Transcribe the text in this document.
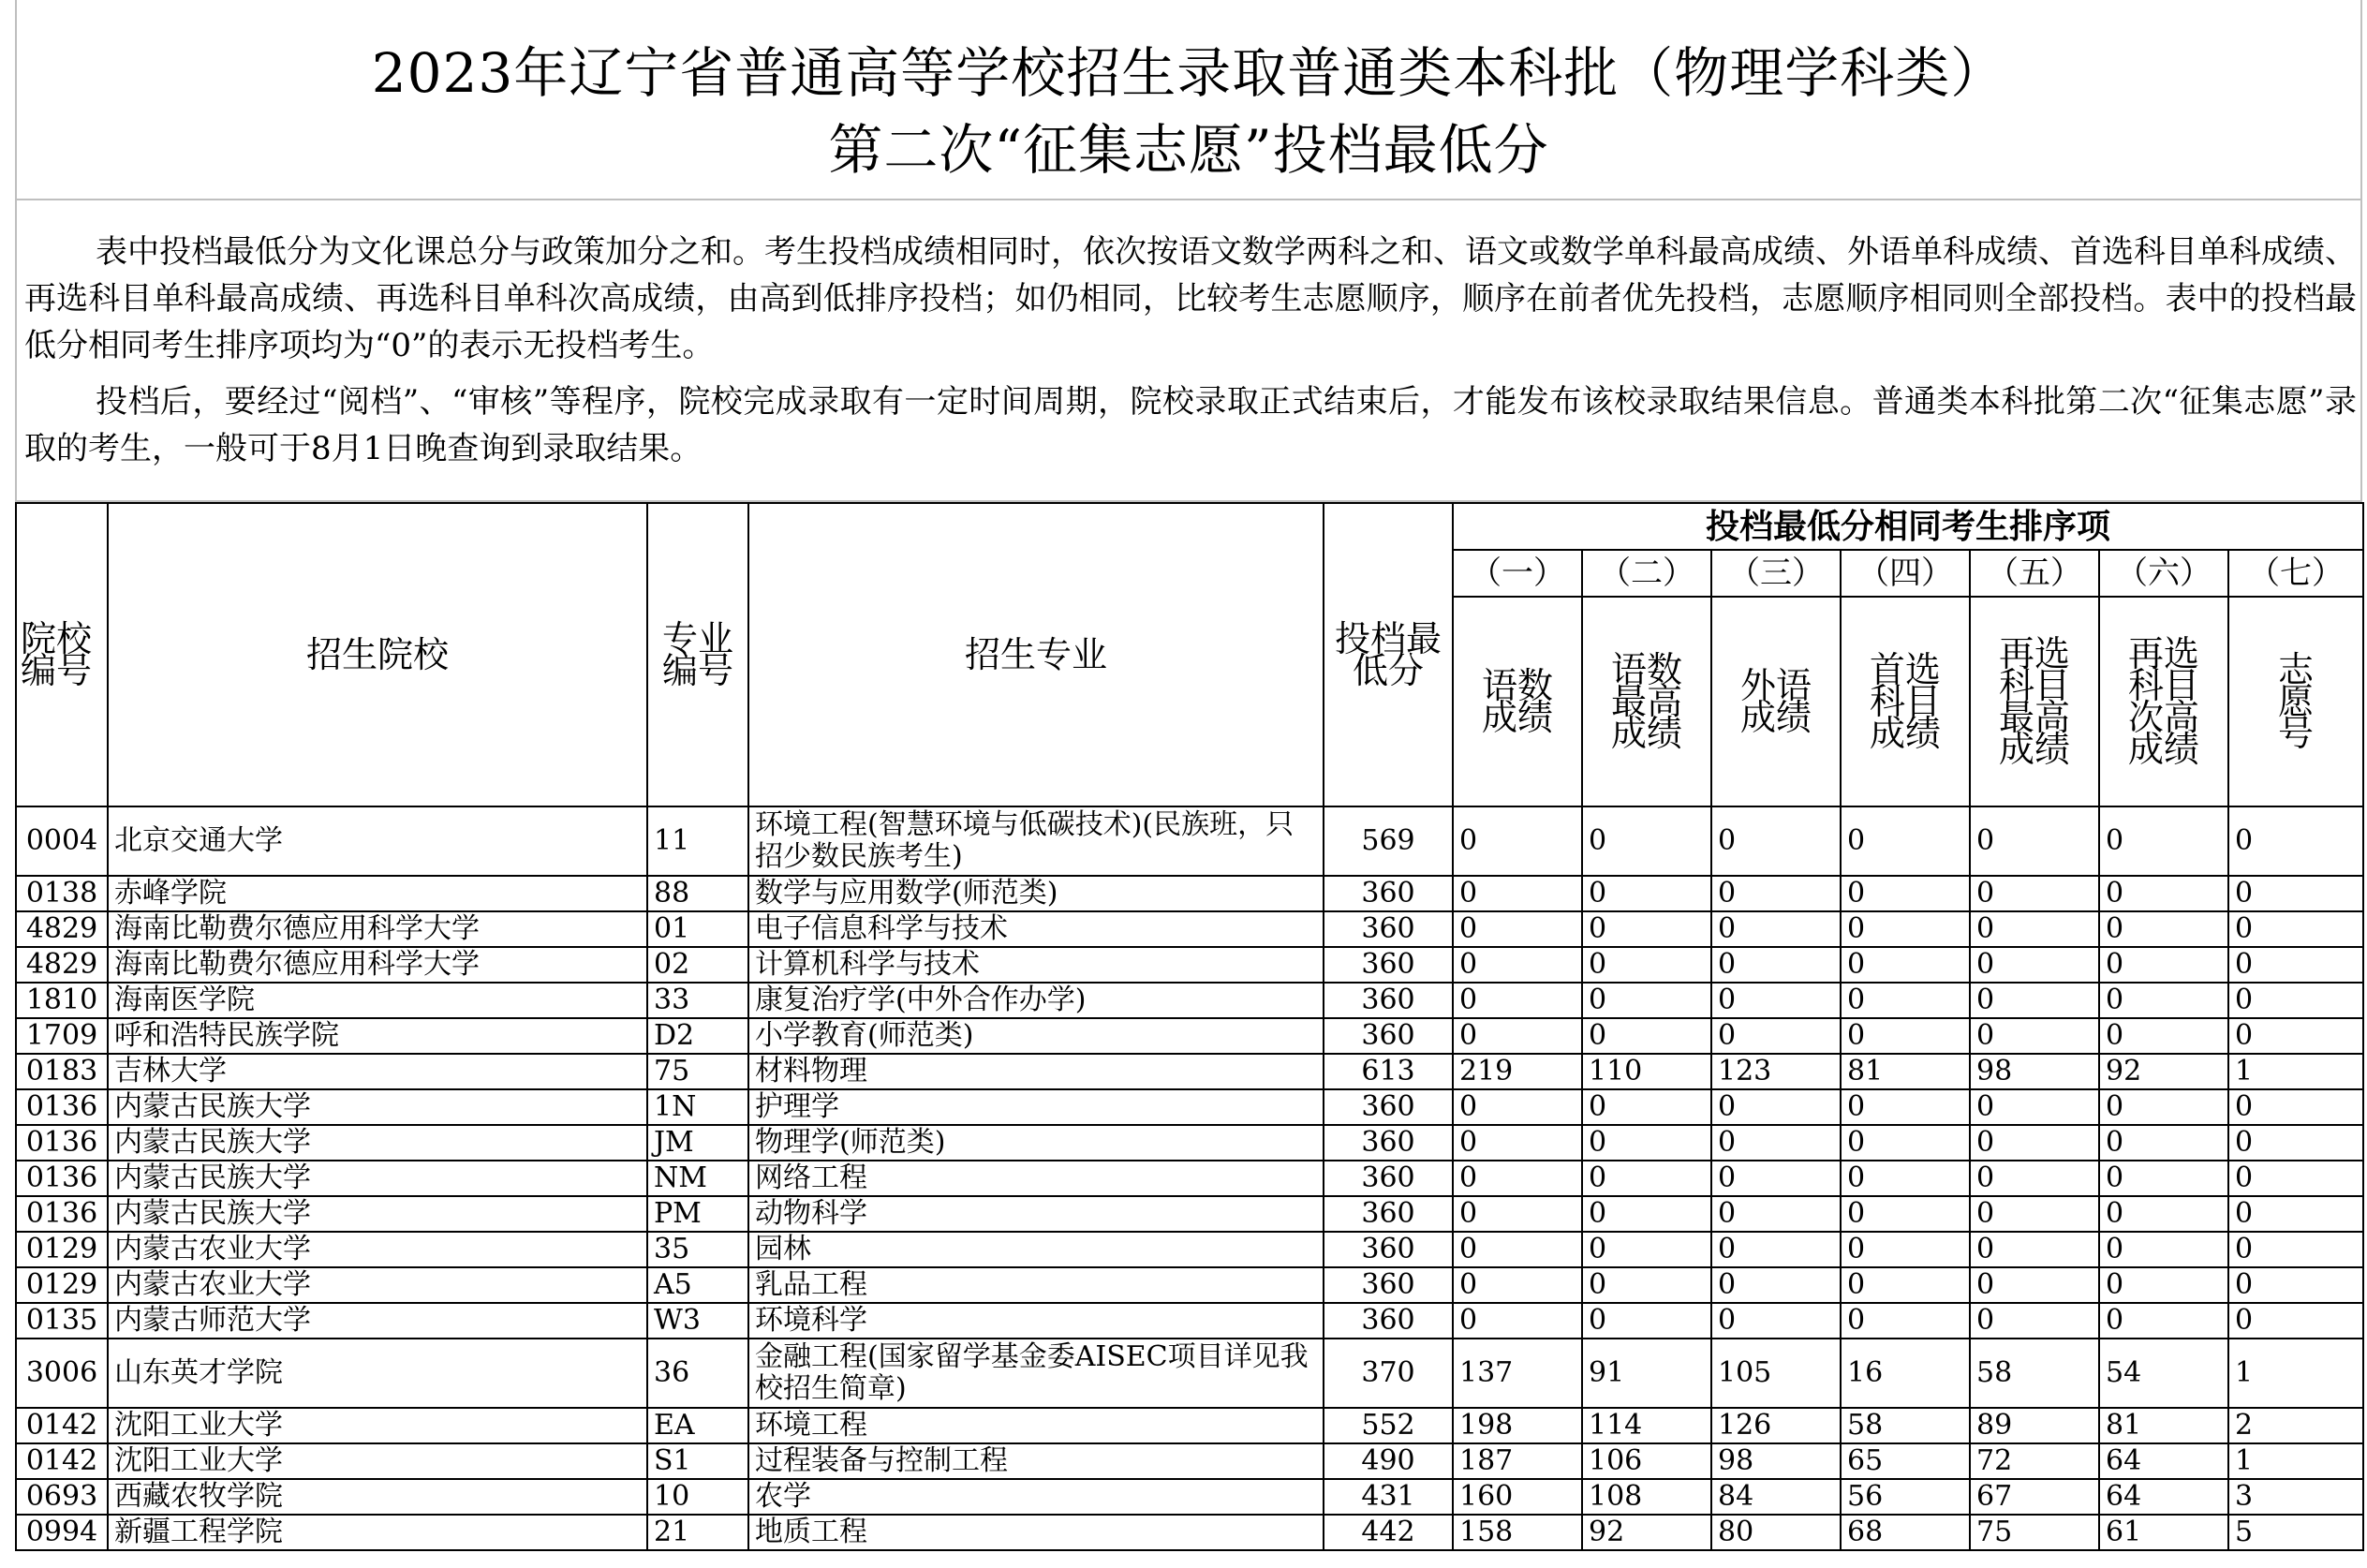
2023年辽宁省普通高等学校招生录取普通类本科批（物理学科类）
第二次“征集志愿”投档最低分
表中投档最低分为文化课总分与政策加分之和。考生投档成绩相同时，依次按语文数学两科之和、语文或数学单科最高成绩、外语单科成绩、首选科目单科成绩、再选科目单科最高成绩、再选科目单科次高成绩，由高到低排序投档；如仍相同，比较考生志愿顺序，顺序在前者优先投档，志愿顺序相同则全部投档。表中的投档最低分相同考生排序项均为“0”的表示无投档考生。
投档后，要经过“阅档”、“审核”等程序，院校完成录取有一定时间周期，院校录取正式结束后，才能发布该校录取结果信息。普通类本科批第二次“征集志愿”录取的考生，一般可于8月1日晚查询到录取结果。
院校编号	招生院校	专业编号	招生专业	投档最低分	投档最低分相同考生排序项						
					（一）	（二）	（三）	（四）	（五）	（六）	（七）
					语数成绩	语数最高成绩	外语成绩	首选科目成绩	再选科目最高成绩	再选科目次高成绩	志愿号
0004	北京交通大学	11	环境工程(智慧环境与低碳技术)(民族班，只招少数民族考生)	569	0	0	0	0	0	0	0
0138	赤峰学院	88	数学与应用数学(师范类)	360	0	0	0	0	0	0	0
4829	海南比勒费尔德应用科学大学	01	电子信息科学与技术	360	0	0	0	0	0	0	0
4829	海南比勒费尔德应用科学大学	02	计算机科学与技术	360	0	0	0	0	0	0	0
1810	海南医学院	33	康复治疗学(中外合作办学)	360	0	0	0	0	0	0	0
1709	呼和浩特民族学院	D2	小学教育(师范类)	360	0	0	0	0	0	0	0
0183	吉林大学	75	材料物理	613	219	110	123	81	98	92	1
0136	内蒙古民族大学	1N	护理学	360	0	0	0	0	0	0	0
0136	内蒙古民族大学	JM	物理学(师范类)	360	0	0	0	0	0	0	0
0136	内蒙古民族大学	NM	网络工程	360	0	0	0	0	0	0	0
0136	内蒙古民族大学	PM	动物科学	360	0	0	0	0	0	0	0
0129	内蒙古农业大学	35	园林	360	0	0	0	0	0	0	0
0129	内蒙古农业大学	A5	乳品工程	360	0	0	0	0	0	0	0
0135	内蒙古师范大学	W3	环境科学	360	0	0	0	0	0	0	0
3006	山东英才学院	36	金融工程(国家留学基金委AISEC项目详见我校招生简章)	370	137	91	105	16	58	54	1
0142	沈阳工业大学	EA	环境工程	552	198	114	126	58	89	81	2
0142	沈阳工业大学	S1	过程装备与控制工程	490	187	106	98	65	72	64	1
0693	西藏农牧学院	10	农学	431	160	108	84	56	67	64	3
0994	新疆工程学院	21	地质工程	442	158	92	80	68	75	61	5
